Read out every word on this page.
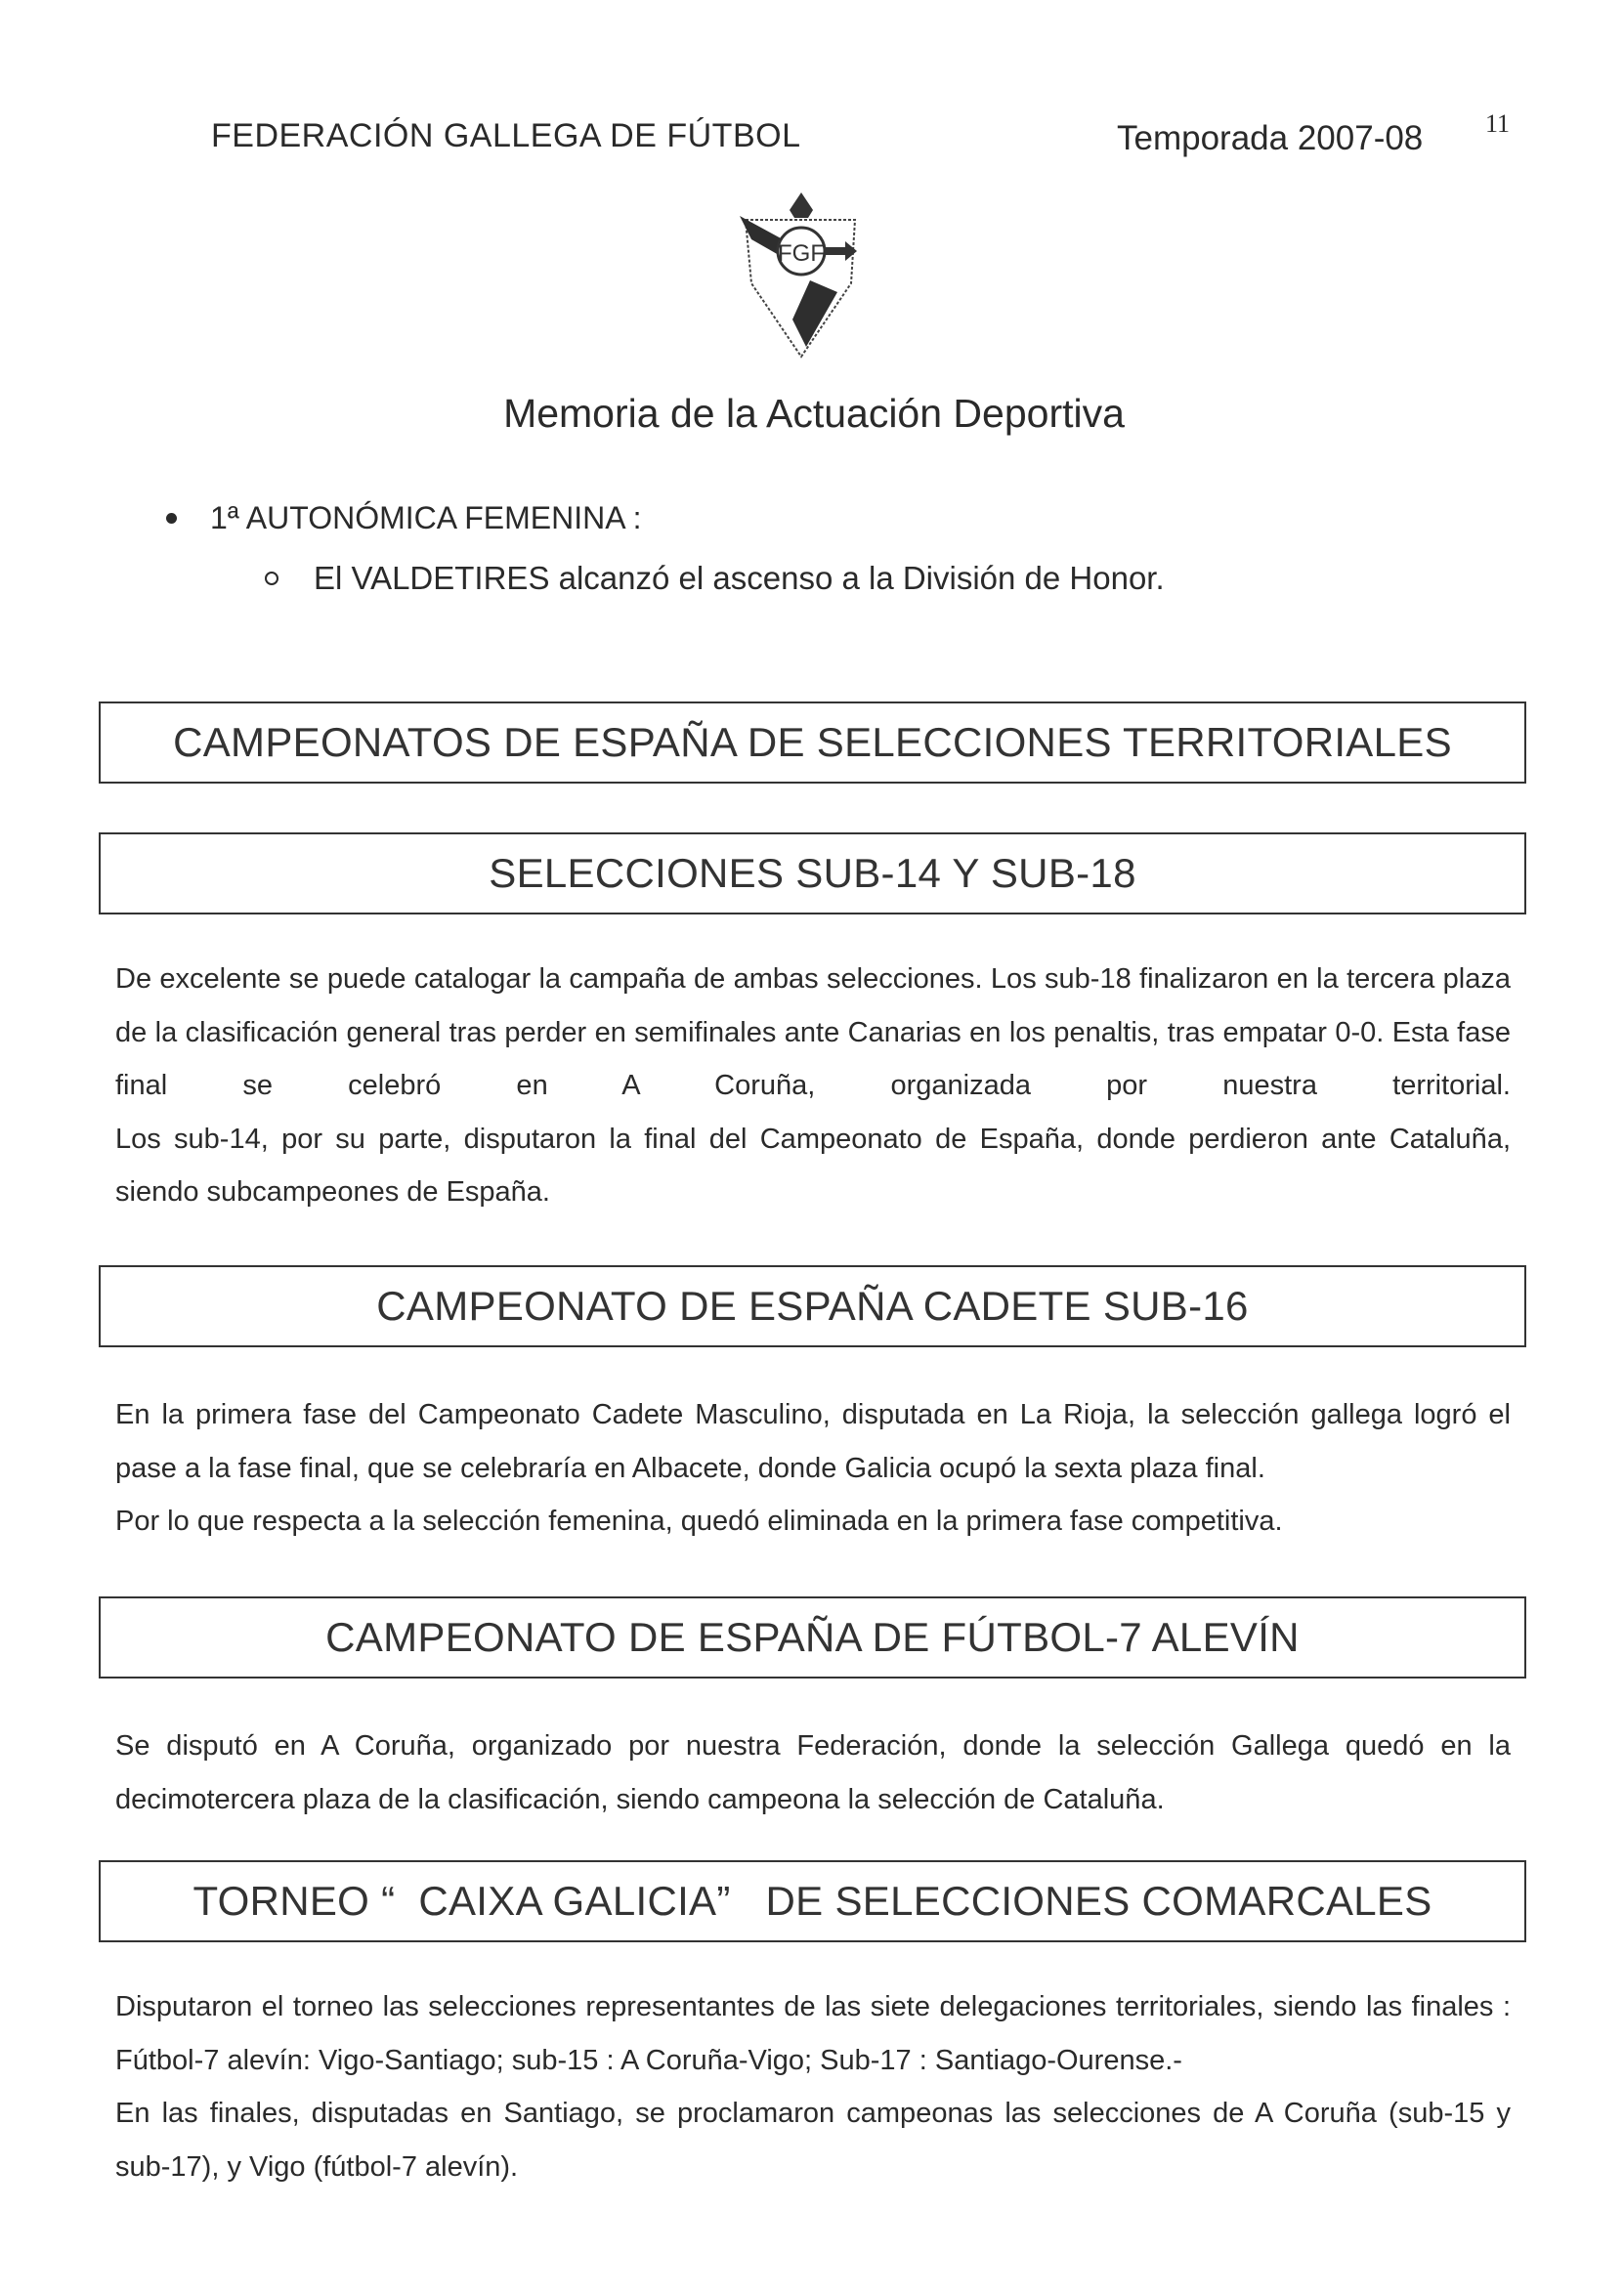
FEDERACIÓN GALLEGA DE FÚTBOL	Temporada 2007-08 11
FGF
Memoria de la Actuación Deportiva
1ª AUTONÓMICA FEMENINA :
El VALDETIRES alcanzó el ascenso a la División de Honor.
CAMPEONATOS DE ESPAÑA DE SELECCIONES TERRITORIALES
SELECCIONES SUB-14 Y SUB-18

De excelente se puede catalogar la campaña de ambas selecciones. Los sub-18 finalizaron en la tercera plaza de la clasificación general tras perder en semifinales ante Canarias en los penaltis, tras empatar 0-0. Esta fase final se celebró en A Coruña, organizada por nuestra territorial.

Los sub-14, por su parte, disputaron la final del Campeonato de España, donde perdieron ante Cataluña, siendo subcampeones de España.

CAMPEONATO DE ESPAÑA CADETE SUB-16

En la primera fase del Campeonato Cadete Masculino, disputada en La Rioja, la selección gallega logró el pase a la fase final, que se celebraría en Albacete, donde Galicia ocupó la sexta plaza final.

Por lo que respecta a la selección femenina, quedó eliminada en la primera fase competitiva.

CAMPEONATO DE ESPAÑA DE FÚTBOL-7 ALEVÍN

Se disputó en A Coruña, organizado por nuestra Federación, donde la selección Gallega quedó en la decimotercera plaza de la clasificación, siendo campeona la selección de Cataluña.

TORNEO “  CAIXA GALICIA”   DE SELECCIONES COMARCALES

Disputaron el torneo las selecciones representantes de las siete delegaciones territoriales, siendo las finales : Fútbol-7 alevín: Vigo-Santiago; sub-15 : A Coruña-Vigo; Sub-17 : Santiago-Ourense.-

En las finales, disputadas en Santiago, se proclamaron campeonas las selecciones de A Coruña (sub-15 y sub-17), y Vigo (fútbol-7 alevín).
